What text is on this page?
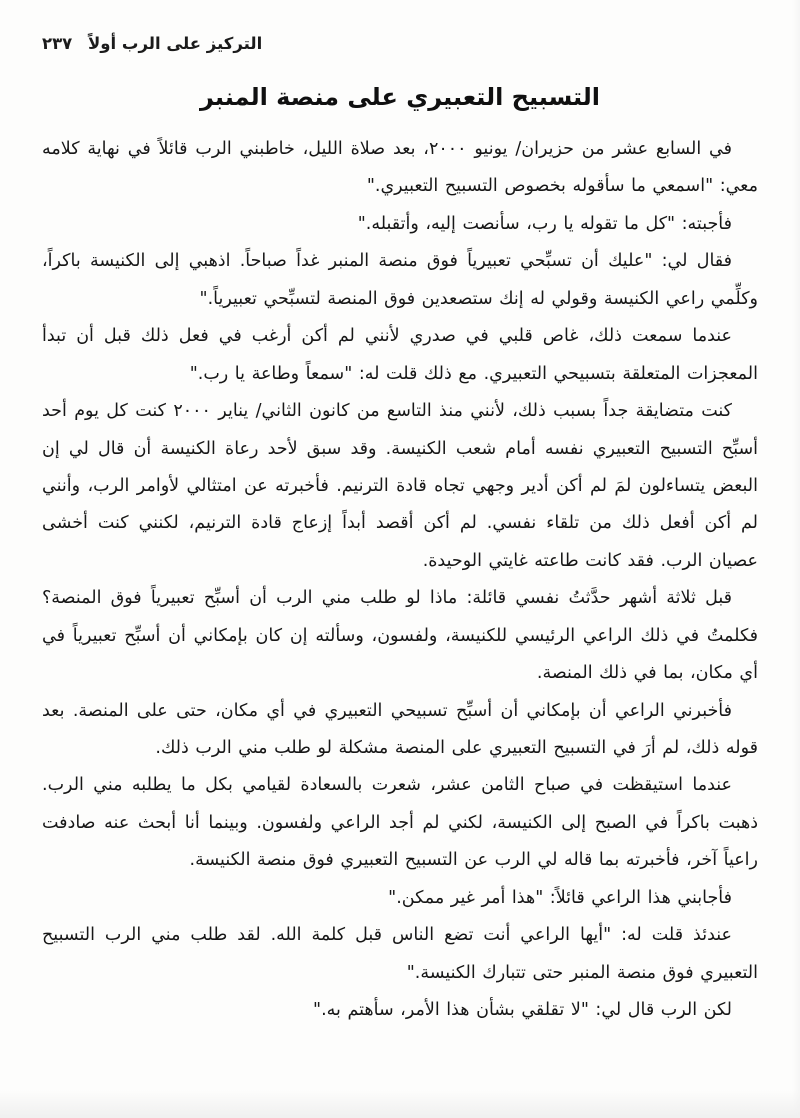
التركيز على الرب أولاً ٢٣٧
التسبيح التعبيري على منصة المنبر

في السابع عشر من حزيران/ يونيو ٢٠٠٠، بعد صلاة الليل، خاطبني الرب قائلاً في نهاية كلامه معي: "اسمعي ما سأقوله بخصوص التسبيح التعبيري."

فأجبته: "كل ما تقوله يا رب، سأنصت إليه، وأتقبله."

فقال لي: "عليك أن تسبِّحي تعبيرياً فوق منصة المنبر غداً صباحاً. اذهبي إلى الكنيسة باكراً، وكلِّمي راعي الكنيسة وقولي له إنك ستصعدين فوق المنصة لتسبِّحي تعبيرياً."

عندما سمعت ذلك، غاص قلبي في صدري لأنني لم أكن أرغب في فعل ذلك قبل أن تبدأ المعجزات المتعلقة بتسبيحي التعبيري. مع ذلك قلت له: "سمعاً وطاعة يا رب."

كنت متضايقة جداً بسبب ذلك، لأنني منذ التاسع من كانون الثاني/ يناير ٢٠٠٠ كنت كل يوم أحد أسبِّح التسبيح التعبيري نفسه أمام شعب الكنيسة. وقد سبق لأحد رعاة الكنيسة أن قال لي إن البعض يتساءلون لمَ لم أكن أدير وجهي تجاه قادة الترنيم. فأخبرته عن امتثالي لأوامر الرب، وأنني لم أكن أفعل ذلك من تلقاء نفسي. لم أكن أقصد أبداً إزعاج قادة الترنيم، لكنني كنت أخشى عصيان الرب. فقد كانت طاعته غايتي الوحيدة.

قبل ثلاثة أشهر حدَّثتُ نفسي قائلة: ماذا لو طلب مني الرب أن أسبِّح تعبيرياً فوق المنصة؟ فكلمتُ في ذلك الراعي الرئيسي للكنيسة، ولفسون، وسألته إن كان بإمكاني أن أسبِّح تعبيرياً في أي مكان، بما في ذلك المنصة.

فأخبرني الراعي أن بإمكاني أن أسبِّح تسبيحي التعبيري في أي مكان، حتى على المنصة. بعد قوله ذلك، لم أرَ في التسبيح التعبيري على المنصة مشكلة لو طلب مني الرب ذلك.

عندما استيقظت في صباح الثامن عشر، شعرت بالسعادة لقيامي بكل ما يطلبه مني الرب. ذهبت باكراً في الصبح إلى الكنيسة، لكني لم أجد الراعي ولفسون. وبينما أنا أبحث عنه صادفت راعياً آخر، فأخبرته بما قاله لي الرب عن التسبيح التعبيري فوق منصة الكنيسة.

فأجابني هذا الراعي قائلاً: "هذا أمر غير ممكن."

عندئذ قلت له: "أيها الراعي أنت تضع الناس قبل كلمة الله. لقد طلب مني الرب التسبيح التعبيري فوق منصة المنبر حتى تتبارك الكنيسة."

لكن الرب قال لي: "لا تقلقي بشأن هذا الأمر، سأهتم به."
